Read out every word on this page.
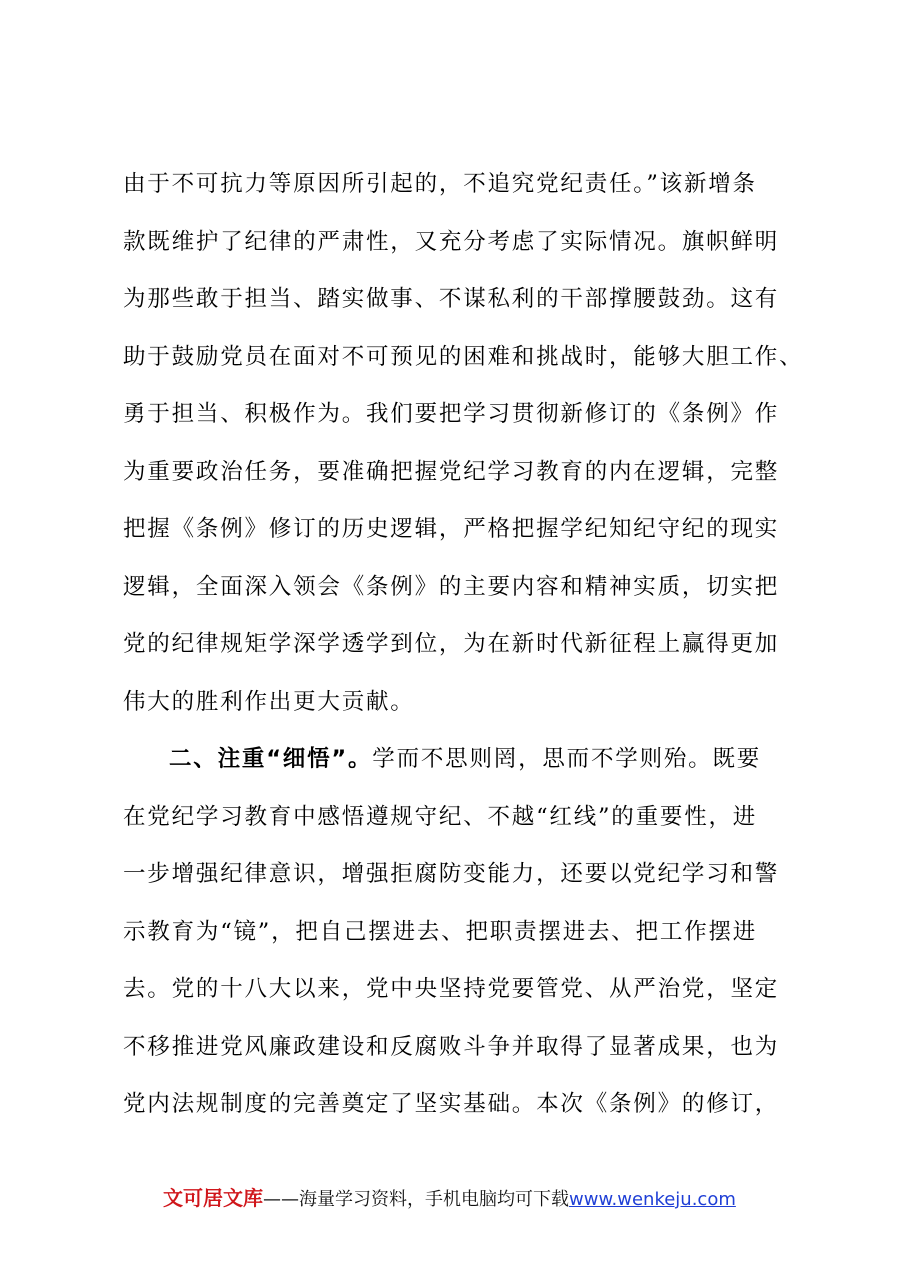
由于不可抗力等原因所引起的，不追究党纪责任。”该新增条
款既维护了纪律的严肃性，又充分考虑了实际情况。旗帜鲜明
为那些敢于担当、踏实做事、不谋私利的干部撑腰鼓劲。这有
助于鼓励党员在面对不可预见的困难和挑战时，能够大胆工作、
勇于担当、积极作为。我们要把学习贯彻新修订的《条例》作
为重要政治任务，要准确把握党纪学习教育的内在逻辑，完整
把握《条例》修订的历史逻辑，严格把握学纪知纪守纪的现实
逻辑，全面深入领会《条例》的主要内容和精神实质，切实把
党的纪律规矩学深学透学到位，为在新时代新征程上赢得更加
伟大的胜利作出更大贡献。
二、注重“细悟”。学而不思则罔，思而不学则殆。既要
在党纪学习教育中感悟遵规守纪、不越“红线”的重要性，进
一步增强纪律意识，增强拒腐防变能力，还要以党纪学习和警
示教育为“镜”，把自己摆进去、把职责摆进去、把工作摆进
去。党的十八大以来，党中央坚持党要管党、从严治党，坚定
不移推进党风廉政建设和反腐败斗争并取得了显著成果，也为
党内法规制度的完善奠定了坚实基础。本次《条例》的修订，
文可居文库——海量学习资料，手机电脑均可下载www.wenkeju.com
